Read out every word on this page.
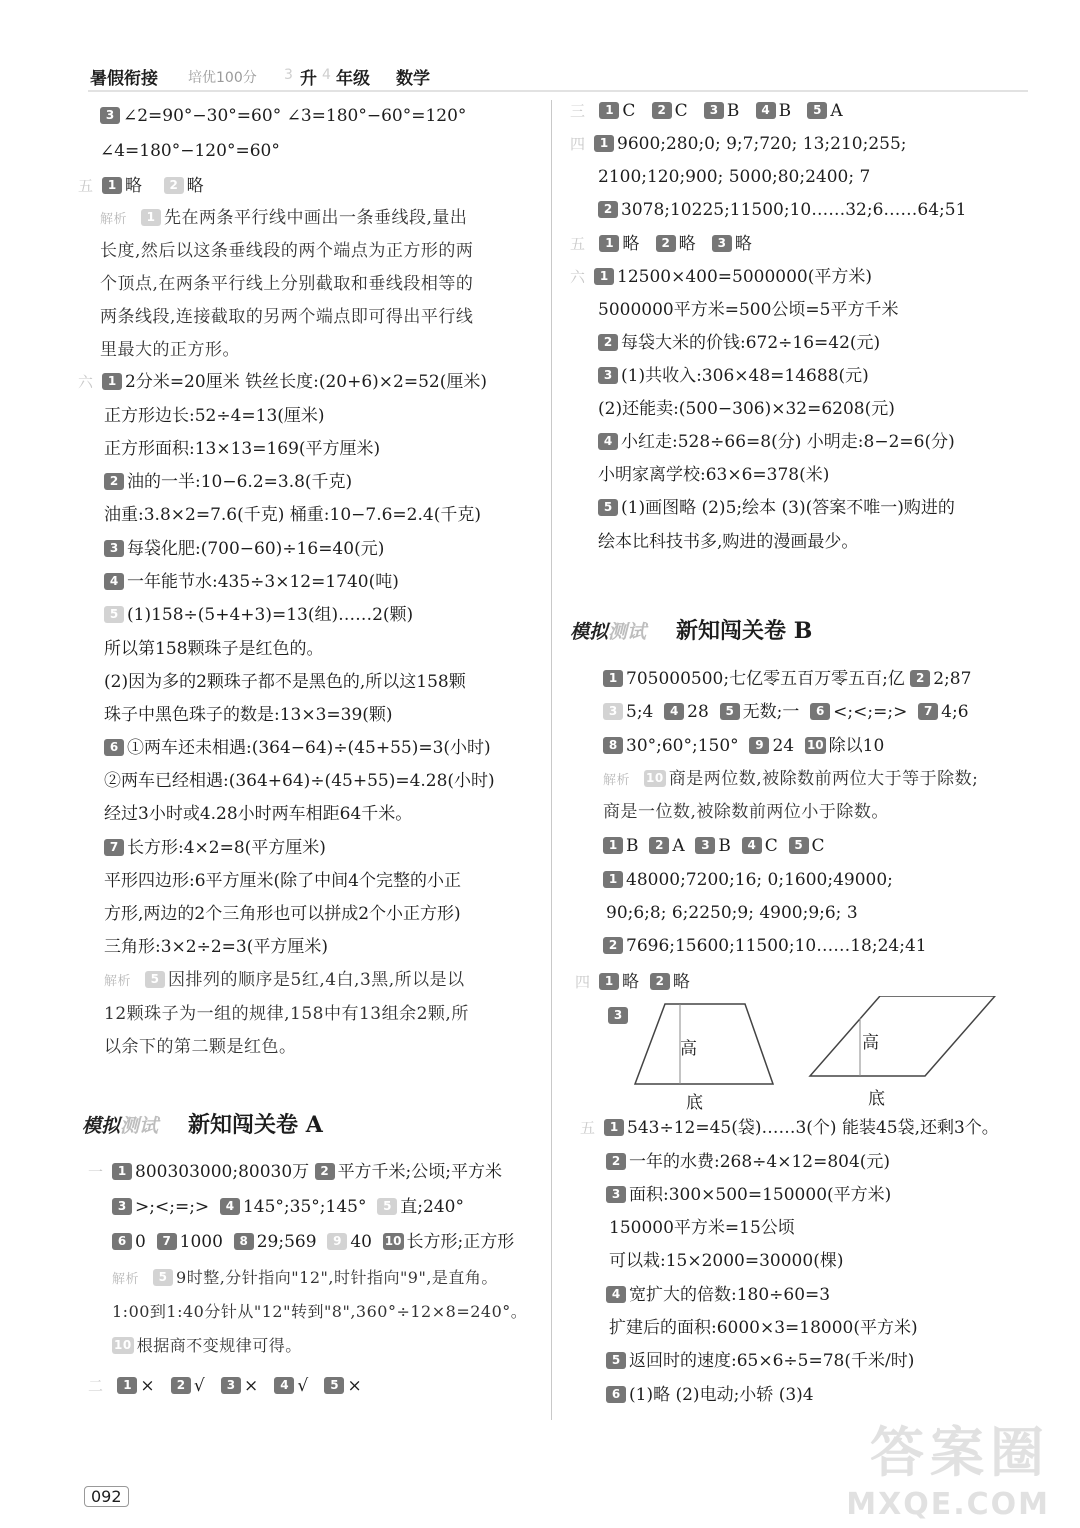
暑假衔接 培优100分 3 升 4 年级 数学
3 ∠2=90°−30°=60° ∠3=180°−60°=120°
∠4=180°−120°=60°
五 1 略 2 略
解析 1 先在两条平行线中画出一条垂线段,量出
长度,然后以这条垂线段的两个端点为正方形的两
个顶点,在两条平行线上分别截取和垂线段相等的
两条线段,连接截取的另两个端点即可得出平行线
里最大的正方形。
六 1 2分米=20厘米 铁丝长度:(20+6)×2=52(厘米)
正方形边长:52÷4=13(厘米)
正方形面积:13×13=169(平方厘米)
2 油的一半:10−6.2=3.8(千克)
油重:3.8×2=7.6(千克) 桶重:10−7.6=2.4(千克)
3 每袋化肥:(700−60)÷16=40(元)
4 一年能节水:435÷3×12=1740(吨)
5 (1)158÷(5+4+3)=13(组)……2(颗)
所以第158颗珠子是红色的。
(2)因为多的2颗珠子都不是黑色的,所以这158颗
珠子中黑色珠子的数是:13×3=39(颗)
6 ①两车还未相遇:(364−64)÷(45+55)=3(小时)
②两车已经相遇:(364+64)÷(45+55)=4.28(小时)
经过3小时或4.28小时两车相距64千米。
7 长方形:4×2=8(平方厘米)
平形四边形:6平方厘米(除了中间4个完整的小正
方形,两边的2个三角形也可以拼成2个小正方形)
三角形:3×2÷2=3(平方厘米)
解析 5 因排列的顺序是5红,4白,3黑,所以是以
12颗珠子为一组的规律,158中有13组余2颗,所
以余下的第二颗是红色。
模拟测试 新知闯关卷 A
一 1 800303000;80030万 2 平方千米;公顷;平方米
3 >;<;=;> 4 145°;35°;145° 5 直;240°
6 0 7 1000 8 29;569 9 40 10 长方形;正方形
解析 5 9时整,分针指向"12",时针指向"9",是直角。
1:00到1:40分针从"12"转到"8",360°÷12×8=240°。
10 根据商不变规律可得。
二 1 × 2 √ 3 × 4 √ 5 ×
三 1 C 2 C 3 B 4 B 5 A
四 1 9600;280;0; 9;7;720; 13;210;255;
2100;120;900; 5000;80;2400; 7
2 3078;10225;11500;10……32;6……64;51
五 1 略 2 略 3 略
六 1 12500×400=5000000(平方米)
5000000平方米=500公顷=5平方千米
2 每袋大米的价钱:672÷16=42(元)
3 (1)共收入:306×48=14688(元)
(2)还能卖:(500−306)×32=6208(元)
4 小红走:528÷66=8(分) 小明走:8−2=6(分)
小明家离学校:63×6=378(米)
5 (1)画图略 (2)5;绘本 (3)(答案不唯一)购进的
绘本比科技书多,购进的漫画最少。
模拟测试 新知闯关卷 B
1 705000500;七亿零五百万零五百;亿 2 2;87
3 5;4 4 28 5 无数;一 6 <;<;=;> 7 4;6
8 30°;60°;150° 9 24 10 除以10
解析 10 商是两位数,被除数前两位大于等于除数;
商是一位数,被除数前两位小于除数。
1 B 2 A 3 B 4 C 5 C
1 48000;7200;16; 0;1600;49000;
90;6;8; 6;2250;9; 4900;9;6; 3
2 7696;15600;11500;10……18;24;41
四 1 略 2 略
3
高
底
高
底
五 1 543÷12=45(袋)……3(个) 能装45袋,还剩3个。
2 一年的水费:268÷4×12=804(元)
3 面积:300×500=150000(平方米)
150000平方米=15公顷
可以栽:15×2000=30000(棵)
4 宽扩大的倍数:180÷60=3
扩建后的面积:6000×3=18000(平方米)
5 返回时的速度:65×6÷5=78(千米/时)
6 (1)略 (2)电动;小轿 (3)4
092
答案圈
MXQE.COM
